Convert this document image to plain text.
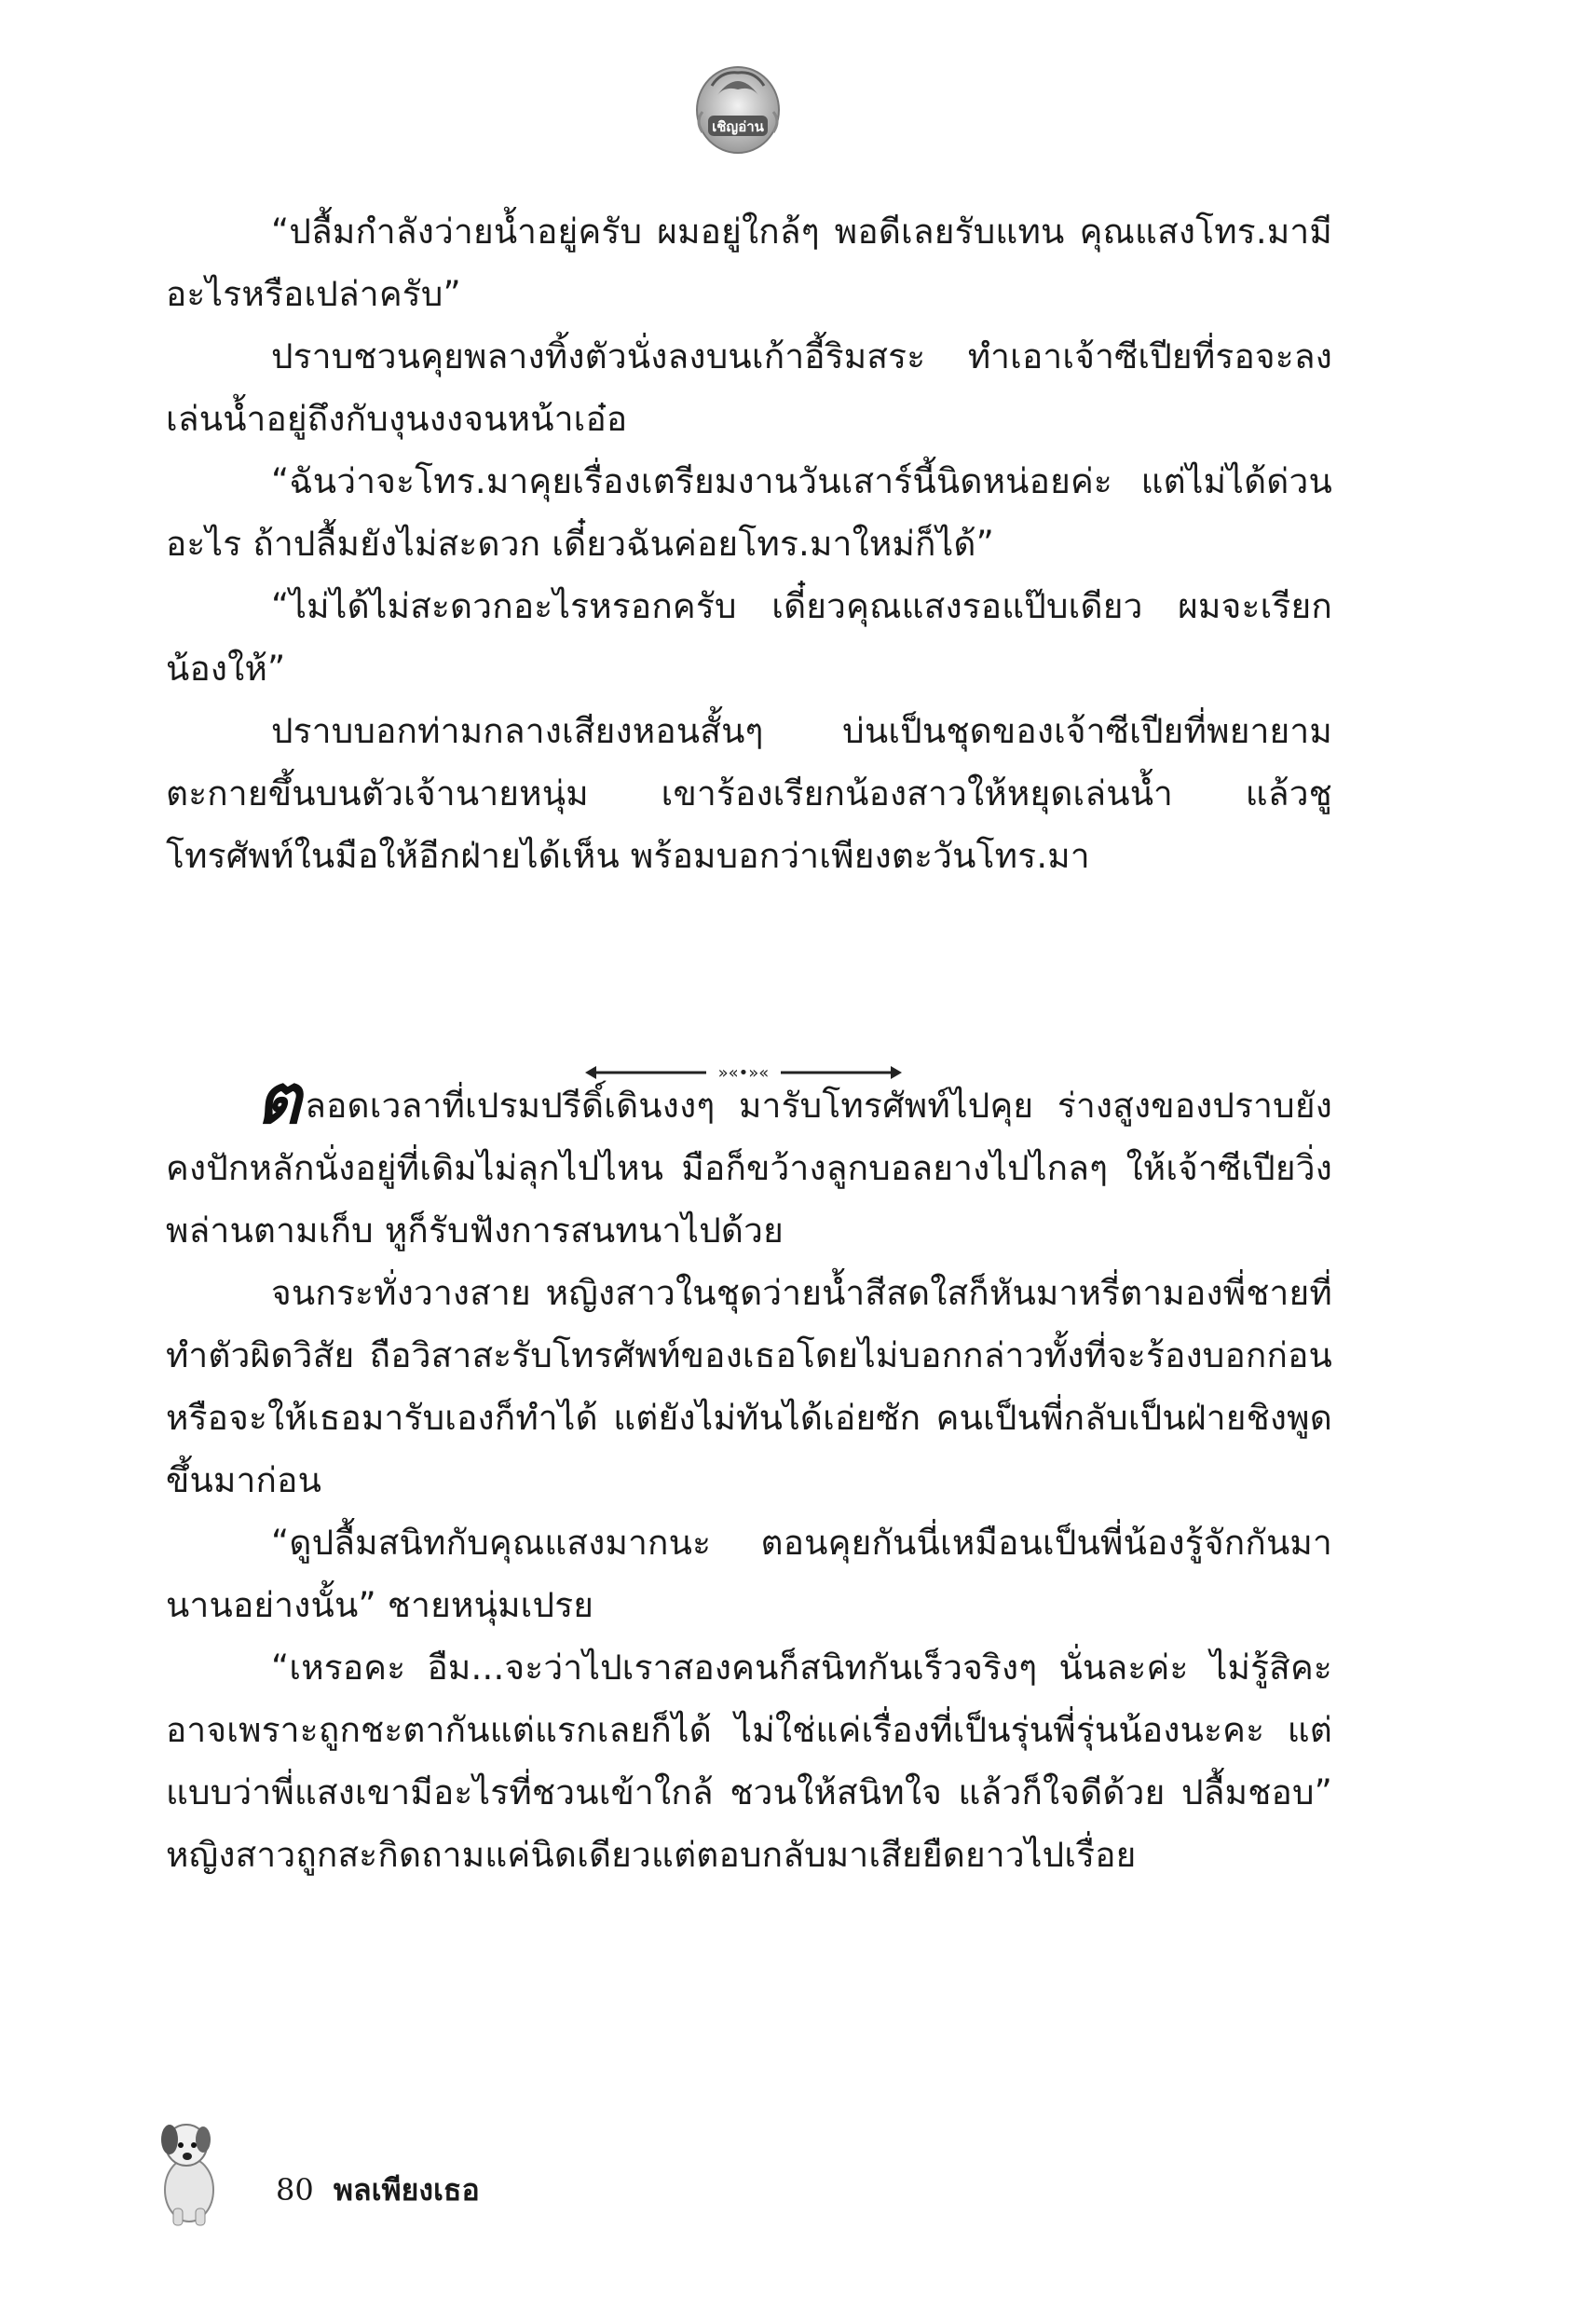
เชิญอ่าน

“ปลื้มกำลังว่ายน้ำอยู่ครับ ผมอยู่ใกล้ๆ พอดีเลยรับแทน คุณแสงโทร.มามีอะไรหรือเปล่าครับ”

ปราบชวนคุยพลางทิ้งตัวนั่งลงบนเก้าอี้ริมสระ ทำเอาเจ้าซีเปียที่รอจะลงเล่นน้ำอยู่ถึงกับงุนงงจนหน้าเอ๋อ

“ฉันว่าจะโทร.มาคุยเรื่องเตรียมงานวันเสาร์นี้นิดหน่อยค่ะ แต่ไม่ได้ด่วนอะไร ถ้าปลื้มยังไม่สะดวก เดี๋ยวฉันค่อยโทร.มาใหม่ก็ได้”

“ไม่ได้ไม่สะดวกอะไรหรอกครับ เดี๋ยวคุณแสงรอแป๊บเดียว ผมจะเรียกน้องให้”

ปราบบอกท่ามกลางเสียงหอนสั้นๆ บ่นเป็นชุดของเจ้าซีเปียที่พยายามตะกายขึ้นบนตัวเจ้านายหนุ่ม เขาร้องเรียกน้องสาวให้หยุดเล่นน้ำ แล้วชูโทรศัพท์ในมือให้อีกฝ่ายได้เห็น พร้อมบอกว่าเพียงตะวันโทร.มา

»«•»«

ตลอดเวลาที่เปรมปรีดิ์เดินงงๆ มารับโทรศัพท์ไปคุย ร่างสูงของปราบยังคงปักหลักนั่งอยู่ที่เดิมไม่ลุกไปไหน มือก็ขว้างลูกบอลยางไปไกลๆ ให้เจ้าซีเปียวิ่งพล่านตามเก็บ หูก็รับฟังการสนทนาไปด้วย

จนกระทั่งวางสาย หญิงสาวในชุดว่ายน้ำสีสดใสก็หันมาหรี่ตามองพี่ชายที่ทำตัวผิดวิสัย ถือวิสาสะรับโทรศัพท์ของเธอโดยไม่บอกกล่าวทั้งที่จะร้องบอกก่อนหรือจะให้เธอมารับเองก็ทำได้ แต่ยังไม่ทันได้เอ่ยซัก คนเป็นพี่กลับเป็นฝ่ายชิงพูดขึ้นมาก่อน

“ดูปลื้มสนิทกับคุณแสงมากนะ ตอนคุยกันนี่เหมือนเป็นพี่น้องรู้จักกันมานานอย่างนั้น” ชายหนุ่มเปรย

“เหรอคะ อืม...จะว่าไปเราสองคนก็สนิทกันเร็วจริงๆ นั่นละค่ะ ไม่รู้สิคะ อาจเพราะถูกชะตากันแต่แรกเลยก็ได้ ไม่ใช่แค่เรื่องที่เป็นรุ่นพี่รุ่นน้องนะคะ แต่แบบว่าพี่แสงเขามีอะไรที่ชวนเข้าใกล้ ชวนให้สนิทใจ แล้วก็ใจดีด้วย ปลื้มชอบ” หญิงสาวถูกสะกิดถามแค่นิดเดียวแต่ตอบกลับมาเสียยืดยาวไปเรื่อย

80 พลเพียงเธอ
